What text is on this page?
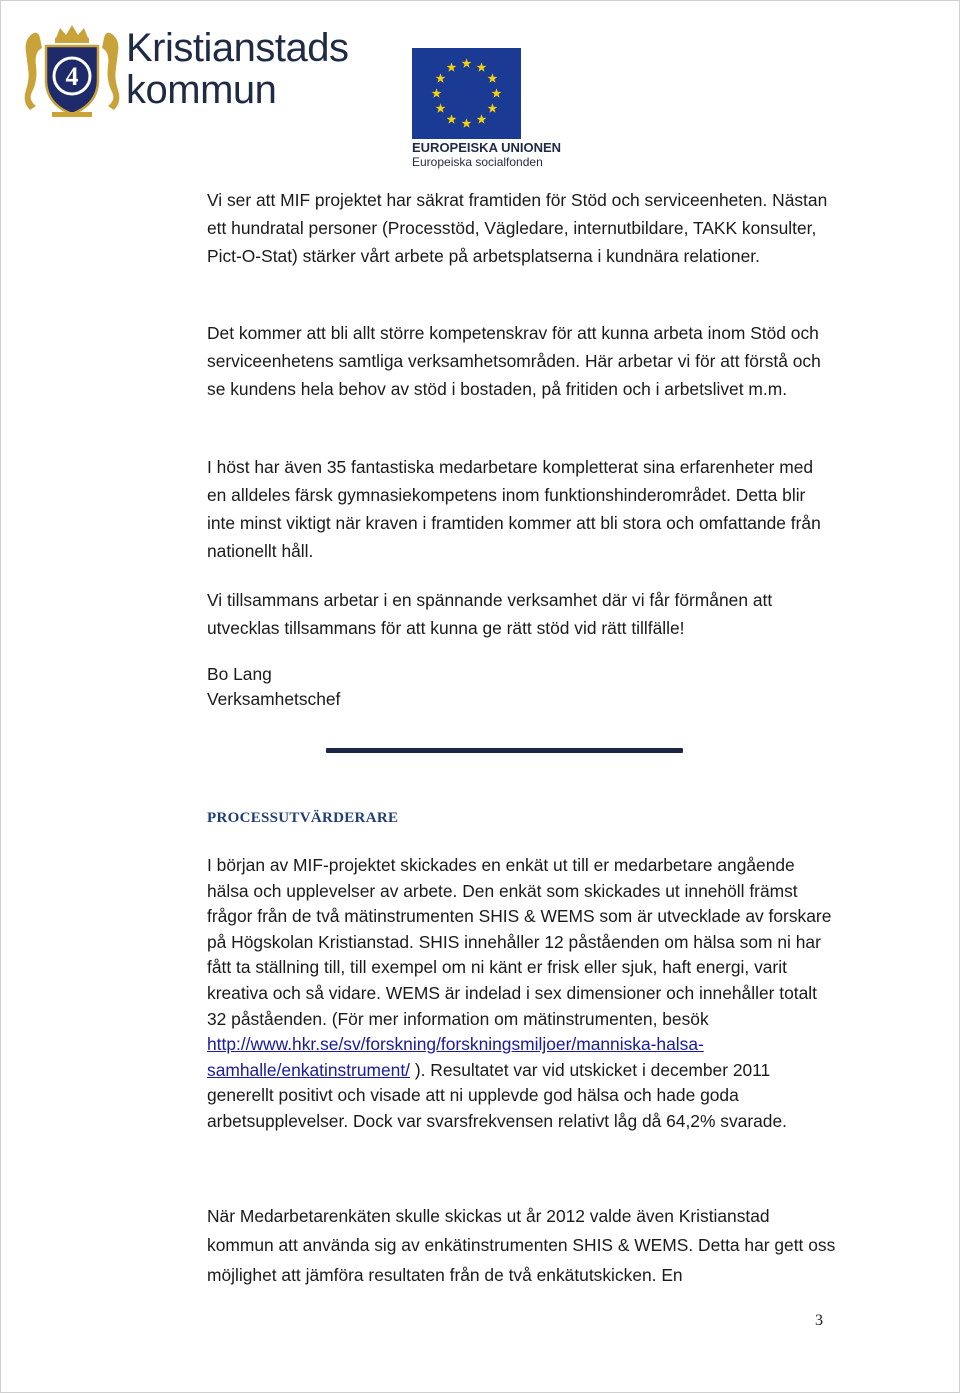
4
Kristianstads
kommun
EUROPEISKA UNIONEN
Europeiska socialfonden

Vi ser att MIF projektet har säkrat framtiden för Stöd och serviceenheten. Nästan ett hundratal personer (Processtöd, Vägledare, internutbildare, TAKK konsulter, Pict-O-Stat) stärker vårt arbete på arbetsplatserna i kundnära relationer.

Det kommer att bli allt större kompetenskrav för att kunna arbeta inom Stöd och serviceenhetens samtliga verksamhetsområden. Här arbetar vi för att förstå och se kundens hela behov av stöd i bostaden, på fritiden och i arbetslivet m.m.

I höst har även 35 fantastiska medarbetare kompletterat sina erfarenheter med en alldeles färsk gymnasiekompetens inom funktionshinderområdet. Detta blir inte minst viktigt när kraven i framtiden kommer att bli stora och omfattande från nationellt håll.

Vi tillsammans arbetar i en spännande verksamhet där vi får förmånen att utvecklas tillsammans för att kunna ge rätt stöd vid rätt tillfälle!

Bo Lang
Verksamhetschef
PROCESSUTVÄRDERARE

I början av MIF-projektet skickades en enkät ut till er medarbetare angående hälsa och upplevelser av arbete. Den enkät som skickades ut innehöll främst frågor från de två mätinstrumenten SHIS & WEMS som är utvecklade av forskare på Högskolan Kristianstad. SHIS innehåller 12 påståenden om hälsa som ni har fått ta ställning till, till exempel om ni känt er frisk eller sjuk, haft energi, varit kreativa och så vidare. WEMS är indelad i sex dimensioner och innehåller totalt 32 påståenden. (För mer information om mätinstrumenten, besök http://www.hkr.se/sv/forskning/forskningsmiljoer/manniska-halsa-samhalle/enkatinstrument/ ). Resultatet var vid utskicket i december 2011 generellt positivt och visade att ni upplevde god hälsa och hade goda arbetsupplevelser. Dock var svarsfrekvensen relativt låg då 64,2% svarade.

När Medarbetarenkäten skulle skickas ut år 2012 valde även Kristianstad kommun att använda sig av enkätinstrumenten SHIS & WEMS. Detta har gett oss möjlighet att jämföra resultaten från de två enkätutskicken. En

3
